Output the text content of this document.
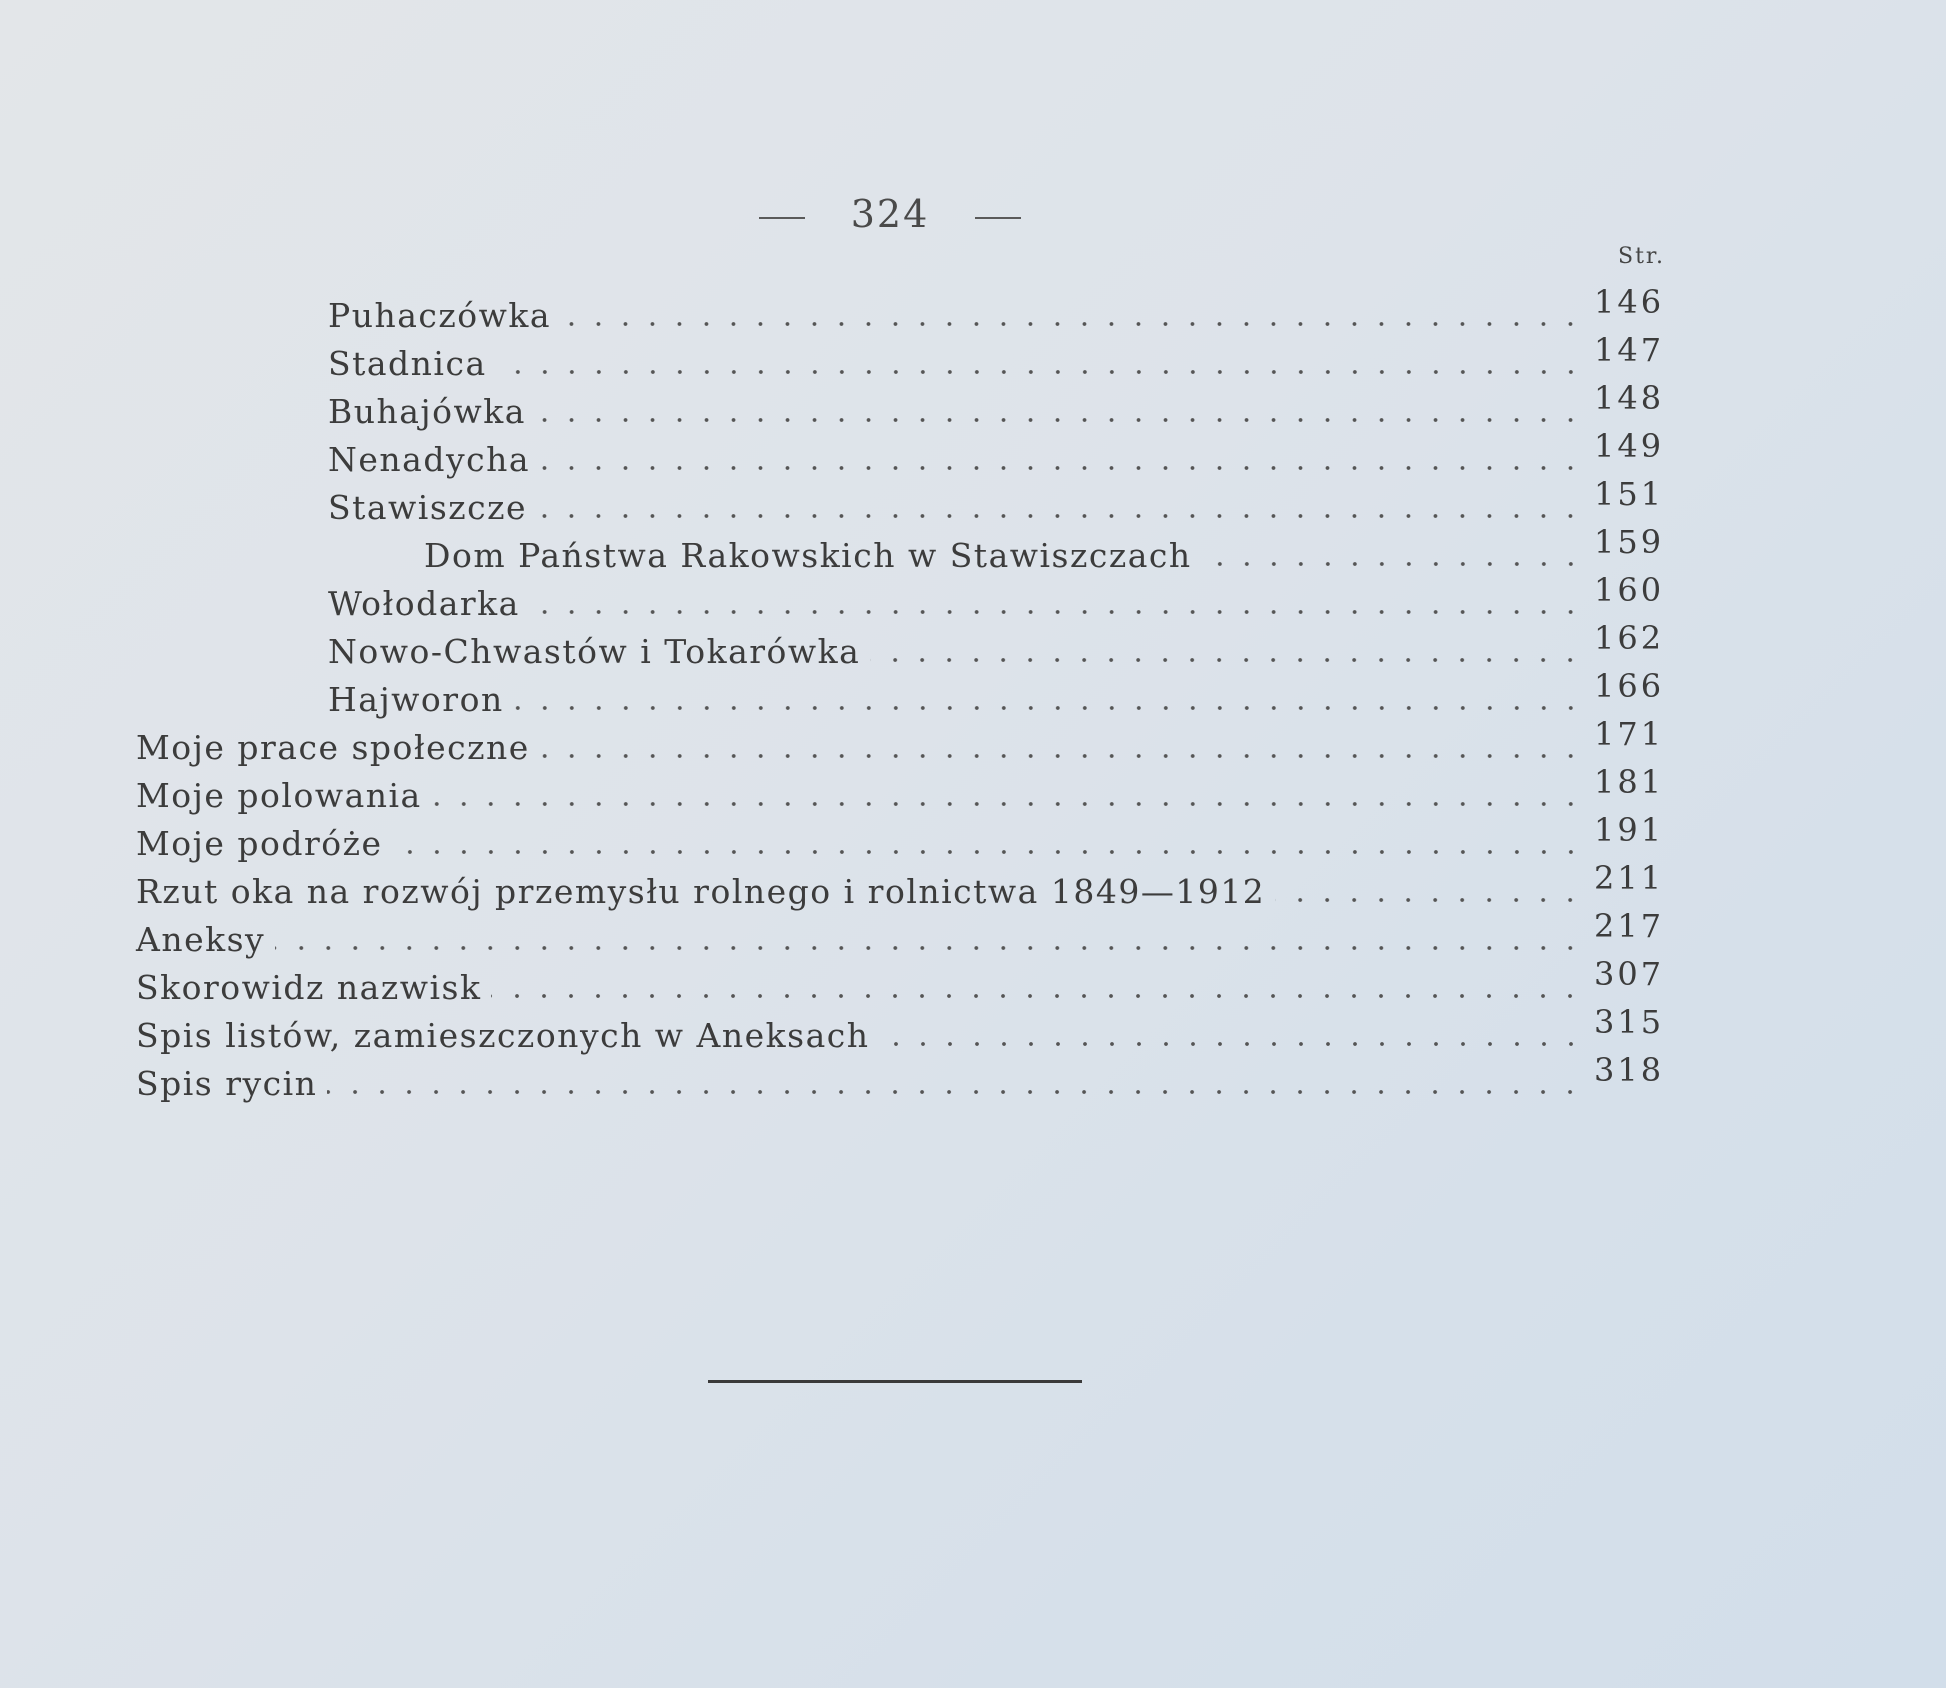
324
Str.
Puhaczówka	146
Stadnica	147
Buhajówka	148
Nenadycha	149
Stawiszcze	151
Dom Państwa Rakowskich w Stawiszczach	159
Wołodarka	160
Nowo-Chwastów i Tokarówka	162
Hajworon	166
Moje prace społeczne	171
Moje polowania	181
Moje podróże	191
Rzut oka na rozwój przemysłu rolnego i rolnictwa 1849—1912	211
Aneksy	217
Skorowidz nazwisk	307
Spis listów, zamieszczonych w Aneksach	315
Spis rycin	318
